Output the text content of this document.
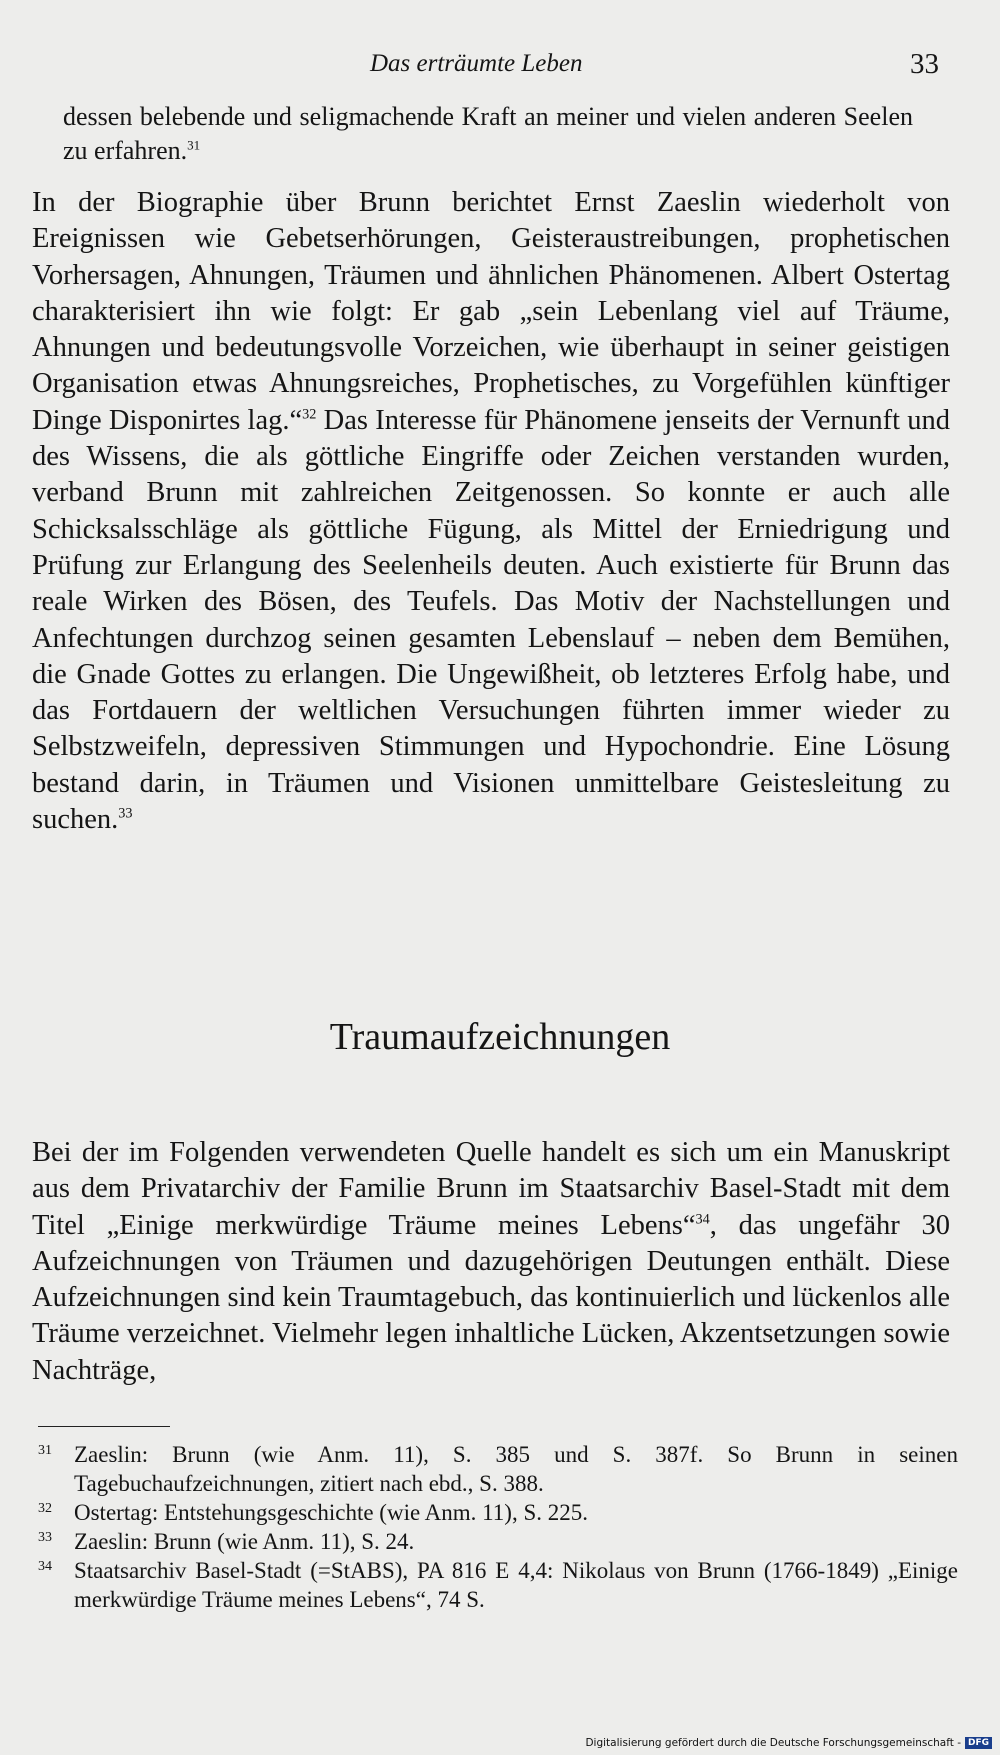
Das erträumte Leben	33

dessen belebende und seligmachende Kraft an meiner und vielen anderen Seelen zu erfahren.$^{31}$

In der Biographie über Brunn berichtet Ernst Zaeslin wiederholt von Ereignissen wie Gebetserhörungen, Geisteraustreibungen, prophetischen Vorhersagen, Ahnungen, Träumen und ähnlichen Phänomenen. Albert Ostertag charakterisiert ihn wie folgt: Er gab „sein Lebenlang viel auf Träume, Ahnungen und bedeutungsvolle Vorzeichen, wie überhaupt in seiner geistigen Organisation etwas Ahnungsreiches, Prophetisches, zu Vorgefühlen künftiger Dinge Disponirtes lag.“$^{32}$ Das Interesse für Phänomene jenseits der Vernunft und des Wissens, die als göttliche Eingriffe oder Zeichen verstanden wurden, verband Brunn mit zahlreichen Zeitgenossen. So konnte er auch alle Schicksalsschläge als göttliche Fügung, als Mittel der Erniedrigung und Prüfung zur Erlangung des Seelenheils deuten. Auch existierte für Brunn das reale Wirken des Bösen, des Teufels. Das Motiv der Nachstellungen und Anfechtungen durchzog seinen gesamten Lebenslauf – neben dem Bemühen, die Gnade Gottes zu erlangen. Die Ungewißheit, ob letzteres Erfolg habe, und das Fortdauern der weltlichen Versuchungen führten immer wieder zu Selbstzweifeln, depressiven Stimmungen und Hypochondrie. Eine Lösung bestand darin, in Träumen und Visionen unmittelbare Geistesleitung zu suchen.$^{33}$

Traumaufzeichnungen

Bei der im Folgenden verwendeten Quelle handelt es sich um ein Manuskript aus dem Privatarchiv der Familie Brunn im Staatsarchiv Basel-Stadt mit dem Titel „Einige merkwürdige Träume meines Lebens“$^{34}$, das ungefähr 30 Aufzeichnungen von Träumen und dazugehörigen Deutungen enthält. Diese Aufzeichnungen sind kein Traumtagebuch, das kontinuierlich und lückenlos alle Träume verzeichnet. Vielmehr legen inhaltliche Lücken, Akzentsetzungen sowie Nachträge,

31 Zaeslin: Brunn (wie Anm. 11), S. 385 und S. 387f. So Brunn in seinen Tagebuchaufzeichnungen, zitiert nach ebd., S. 388.
32 Ostertag: Entstehungsgeschichte (wie Anm. 11), S. 225.
33 Zaeslin: Brunn (wie Anm. 11), S. 24.
34 Staatsarchiv Basel-Stadt (=StABS), PA 816 E 4,4: Nikolaus von Brunn (1766-1849) „Einige merkwürdige Träume meines Lebens“, 74 S.
Digitalisierung gefördert durch die Deutsche Forschungsgemeinschaft - DFG
